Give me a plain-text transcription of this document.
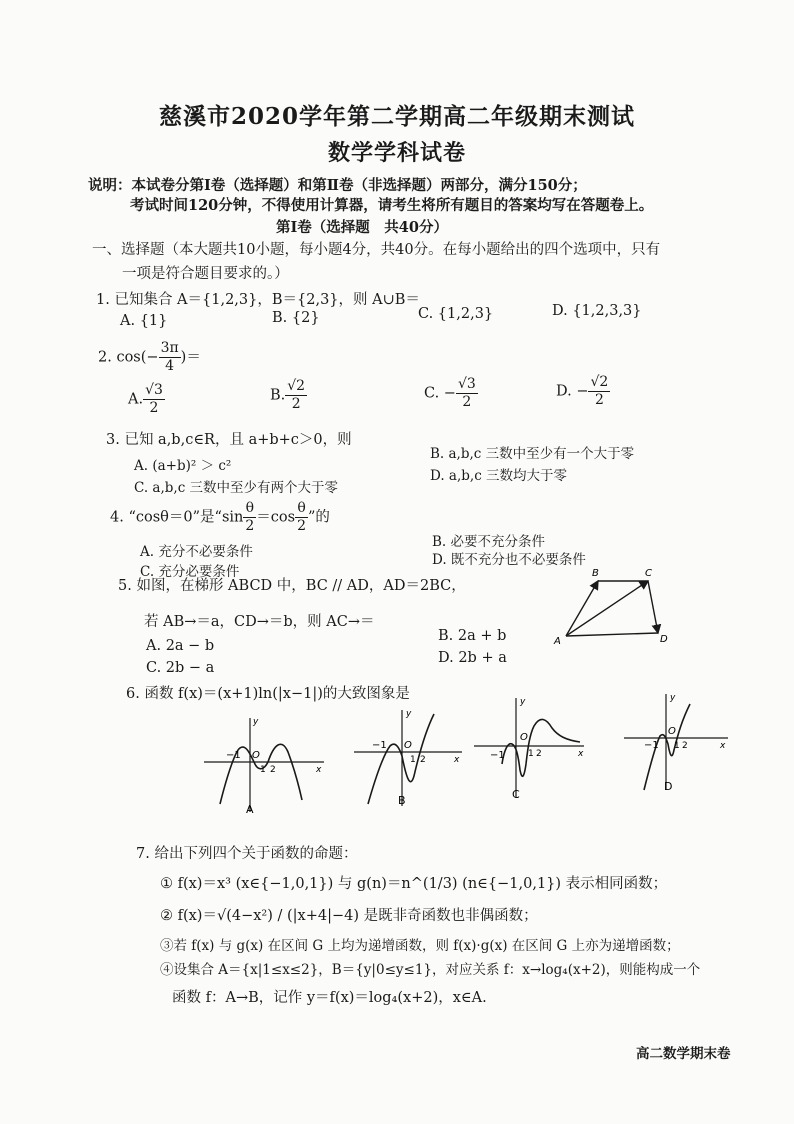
慈溪市2020学年第二学期高二年级期末测试
数学学科试卷
说明：本试卷分第Ⅰ卷（选择题）和第Ⅱ卷（非选择题）两部分，满分150分；
考试时间120分钟，不得使用计算器，请考生将所有题目的答案均写在答题卷上。
第Ⅰ卷（选择题　共40分）
一、选择题（本大题共10小题，每小题4分，共40分。在每小题给出的四个选项中，只有
一项是符合题目要求的。）
1. 已知集合 A＝{1,2,3}，B＝{2,3}，则 A∪B＝
A. {1}	B. {2}	C. {1,2,3}	D. {1,2,3,3}
2. $\cos(- \frac{3\pi}{4}$ )＝
A. $\frac{√3}{2}$	B. $\frac{√2}{2}$	C. − $\frac{√3}{2}$	D. − $\frac{√2}{2}$
3. 已知 a,b,c∈R，且 a+b+c＞0，则
A. (a+b)² ＞ c²
B. a,b,c 三数中至少有一个大于零
C. a,b,c 三数中至少有两个大于零
D. a,b,c 三数均大于零
4. “cosθ＝0”是“$\sin \frac{\theta}{2} =\cos \frac{\theta}{2}$ ”的
A. 充分不必要条件
B. 必要不充分条件
C. 充分必要条件
D. 既不充分也不必要条件
5. 如图，在梯形 ABCD 中，BC // AD，AD＝2BC，
若 AB→＝a，CD→＝b，则 AC→＝
A. 2a − b
B. 2a + b
C. 2b − a
D. 2b + a
A
B	C
D
6. 函数 f(x)＝(x+1)ln(|x−1|)的大致图象是
y
x
−1 O
1 2
A
y
x
−1 O
1 2
B
y
x
−1
O
1 2
C
y
x
−1
O
1 2
D
7. 给出下列四个关于函数的命题：
① f(x)＝x³ (x∈{−1,0,1}) 与 g(n)＝n^(1/3) (n∈{−1,0,1}) 表示相同函数；
② f(x)＝√(4−x²) / (|x+4|−4) 是既非奇函数也非偶函数；
③若 f(x) 与 g(x) 在区间 G 上均为递增函数，则 f(x)·g(x) 在区间 G 上亦为递增函数；
④设集合 A＝{x|1≤x≤2}，B＝{y|0≤y≤1}，对应关系 f：x→log₄(x+2)，则能构成一个
函数 f：A→B，记作 y＝f(x)＝log₄(x+2)，x∈A.
高二数学期末卷
